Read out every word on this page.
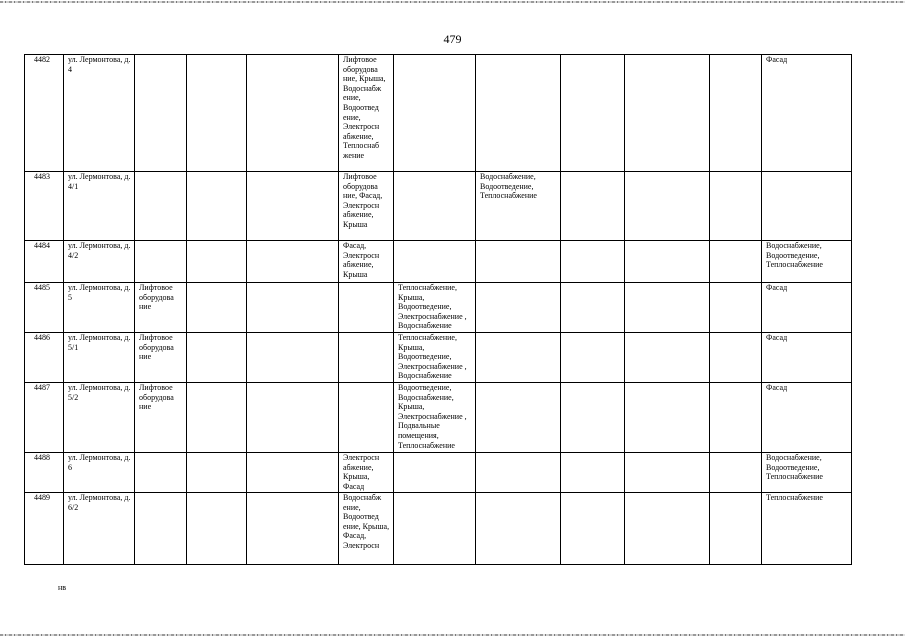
479
4482	ул. Лермонтова, д. 4				Лифтовое оборудова ние, Крыша, Водоснабж ение, Водоотвед ение, Электросн абжение, Теплоснаб жение						Фасад
4483	ул. Лермонтова, д. 4/1				Лифтовое оборудова ние, Фасад, Электросн абжение, Крыша		Водоснабжение, Водоотведение, Теплоснабжение				
4484	ул. Лермонтова, д. 4/2				Фасад, Электросн абжение, Крыша						Водоснабжение, Водоотведение, Теплоснабжение
4485	ул. Лермонтова, д. 5	Лифтовое оборудова ние				Теплоснабжение, Крыша, Водоотведение, Электроснабжение , Водоснабжение					Фасад
4486	ул. Лермонтова, д. 5/1	Лифтовое оборудова ние				Теплоснабжение, Крыша, Водоотведение, Электроснабжение , Водоснабжение					Фасад
4487	ул. Лермонтова, д. 5/2	Лифтовое оборудова ние				Водоотведение, Водоснабжение, Крыша, Электроснабжение , Подвальные помещения, Теплоснабжение					Фасад
4488	ул. Лермонтова, д. 6				Электросн абжение, Крыша, Фасад						Водоснабжение, Водоотведение, Теплоснабжение
4489	ул. Лермонтова, д. 6/2				Водоснабж ение, Водоотвед ение, Крыша, Фасад, Электросн						Теплоснабжение
нв
